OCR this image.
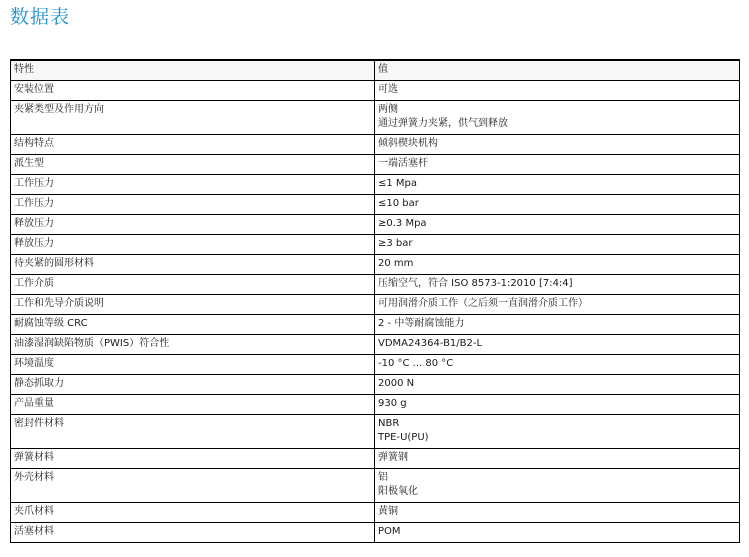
数据表
特性	值
安装位置	可选
夹紧类型及作用方向	两侧
通过弹簧力夹紧，供气到释放
结构特点	倾斜楔块机构
派生型	一端活塞杆
工作压力	≤1 Mpa
工作压力	≤10 bar
释放压力	≥0.3 Mpa
释放压力	≥3 bar
待夹紧的圆形材料	20 mm
工作介质	压缩空气，符合 ISO 8573-1:2010 [7:4:4]
工作和先导介质说明	可用润滑介质工作（之后须一直润滑介质工作）
耐腐蚀等级 CRC	2 - 中等耐腐蚀能力
油漆湿润缺陷物质（PWIS）符合性	VDMA24364-B1/B2-L
环境温度	-10 °C ... 80 °C
静态抓取力	2000 N
产品重量	930 g
密封件材料	NBR
TPE-U(PU)
弹簧材料	弹簧钢
外壳材料	铝
阳极氧化
夹爪材料	黄铜
活塞材料	POM
